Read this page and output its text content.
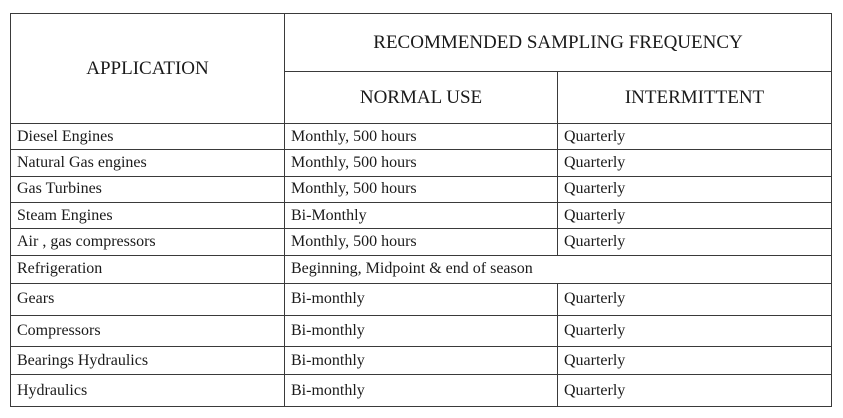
APPLICATION	RECOMMENDED SAMPLING FREQUENCY	
	NORMAL USE	INTERMITTENT
Diesel Engines	Monthly, 500 hours	Quarterly
Natural Gas engines	Monthly, 500 hours	Quarterly
Gas Turbines	Monthly, 500 hours	Quarterly
Steam Engines	Bi-Monthly	Quarterly
Air , gas compressors	Monthly, 500 hours	Quarterly
Refrigeration	Beginning, Midpoint & end of season	
Gears	Bi-monthly	Quarterly
Compressors	Bi-monthly	Quarterly
Bearings Hydraulics	Bi-monthly	Quarterly
Hydraulics	Bi-monthly	Quarterly
